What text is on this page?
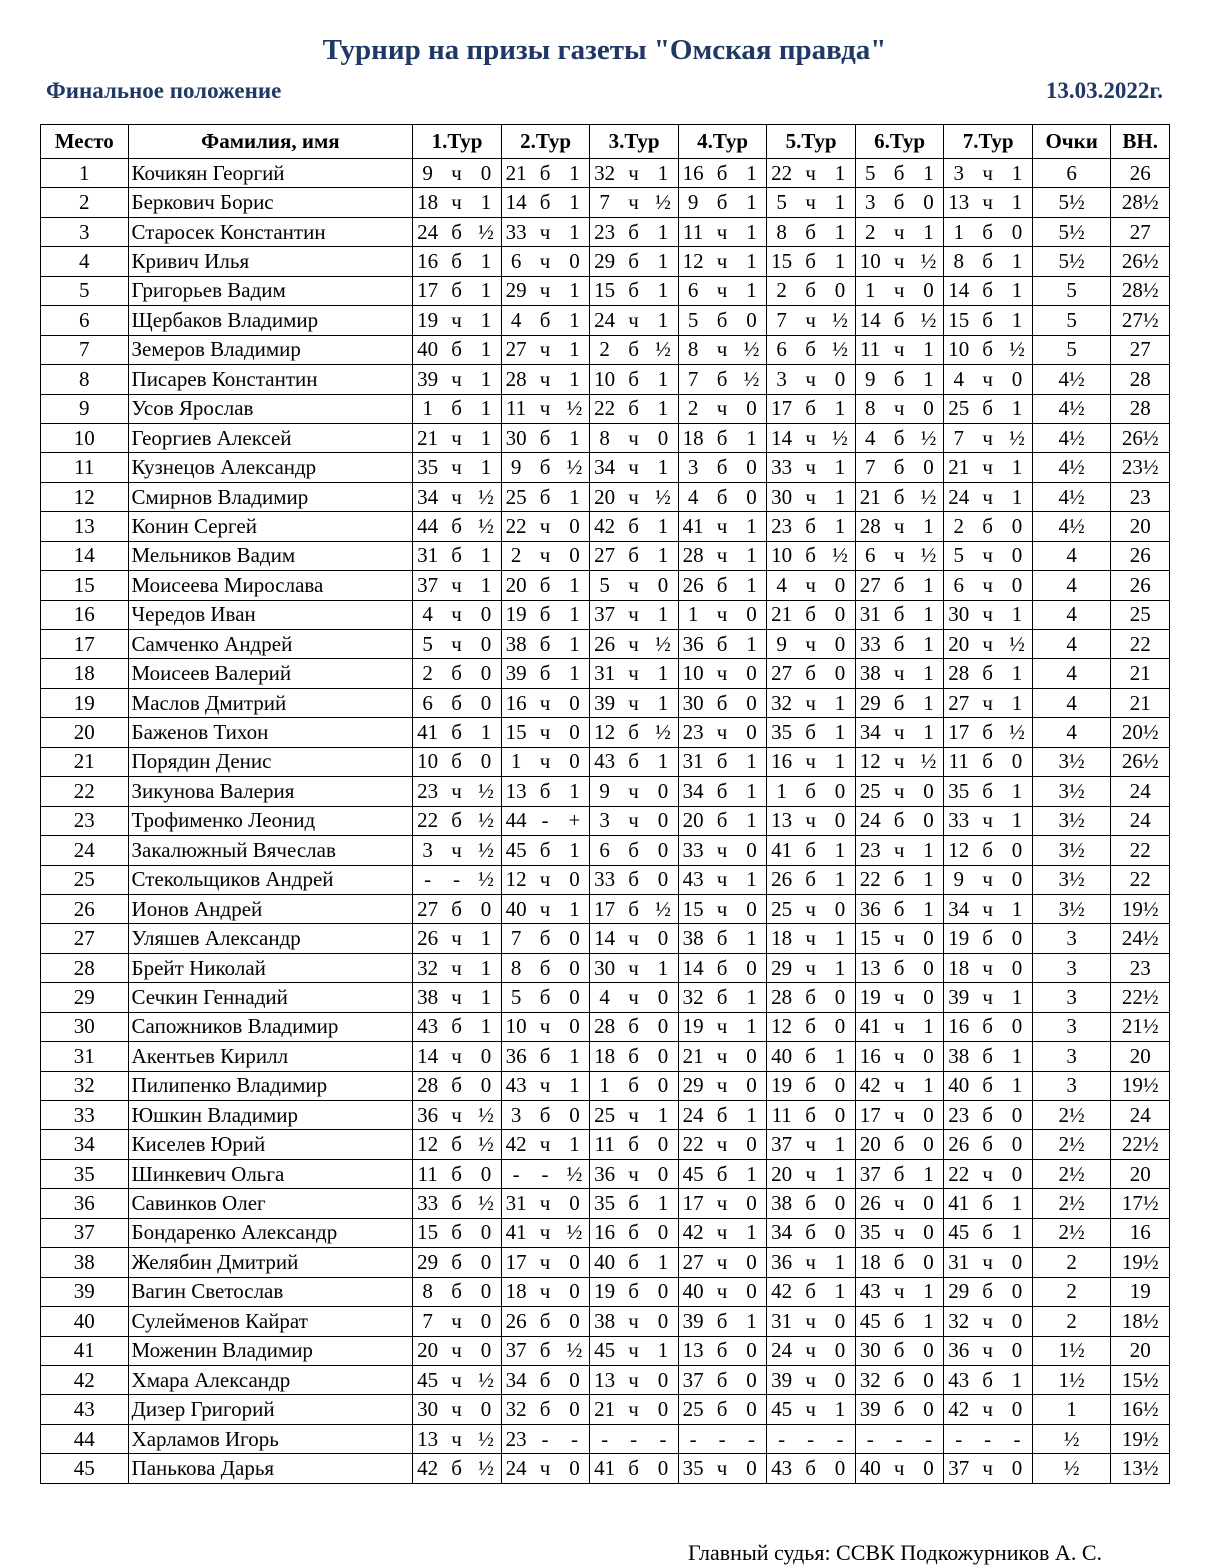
Турнир на призы газеты "Омская правда"
Финальное положение	13.03.2022г.
Место	Фамилия, имя	1.Тур			2.Тур			3.Тур			4.Тур			5.Тур			6.Тур			7.Тур			Очки	ВН.
1	Кочикян Георгий	9	ч	0	21	б	1	32	ч	1	16	б	1	22	ч	1	5	б	1	3	ч	1	6	26
2	Беркович Борис	18	ч	1	14	б	1	7	ч	½	9	б	1	5	ч	1	3	б	0	13	ч	1	5½	28½
3	Старосек Константин	24	б	½	33	ч	1	23	б	1	11	ч	1	8	б	1	2	ч	1	1	б	0	5½	27
4	Кривич Илья	16	б	1	6	ч	0	29	б	1	12	ч	1	15	б	1	10	ч	½	8	б	1	5½	26½
5	Григорьев Вадим	17	б	1	29	ч	1	15	б	1	6	ч	1	2	б	0	1	ч	0	14	б	1	5	28½
6	Щербаков Владимир	19	ч	1	4	б	1	24	ч	1	5	б	0	7	ч	½	14	б	½	15	б	1	5	27½
7	Земеров Владимир	40	б	1	27	ч	1	2	б	½	8	ч	½	6	б	½	11	ч	1	10	б	½	5	27
8	Писарев Константин	39	ч	1	28	ч	1	10	б	1	7	б	½	3	ч	0	9	б	1	4	ч	0	4½	28
9	Усов Ярослав	1	б	1	11	ч	½	22	б	1	2	ч	0	17	б	1	8	ч	0	25	б	1	4½	28
10	Георгиев Алексей	21	ч	1	30	б	1	8	ч	0	18	б	1	14	ч	½	4	б	½	7	ч	½	4½	26½
11	Кузнецов Александр	35	ч	1	9	б	½	34	ч	1	3	б	0	33	ч	1	7	б	0	21	ч	1	4½	23½
12	Смирнов Владимир	34	ч	½	25	б	1	20	ч	½	4	б	0	30	ч	1	21	б	½	24	ч	1	4½	23
13	Конин Сергей	44	б	½	22	ч	0	42	б	1	41	ч	1	23	б	1	28	ч	1	2	б	0	4½	20
14	Мельников Вадим	31	б	1	2	ч	0	27	б	1	28	ч	1	10	б	½	6	ч	½	5	ч	0	4	26
15	Моисеева Мирослава	37	ч	1	20	б	1	5	ч	0	26	б	1	4	ч	0	27	б	1	6	ч	0	4	26
16	Чередов Иван	4	ч	0	19	б	1	37	ч	1	1	ч	0	21	б	0	31	б	1	30	ч	1	4	25
17	Самченко Андрей	5	ч	0	38	б	1	26	ч	½	36	б	1	9	ч	0	33	б	1	20	ч	½	4	22
18	Моисеев Валерий	2	б	0	39	б	1	31	ч	1	10	ч	0	27	б	0	38	ч	1	28	б	1	4	21
19	Маслов Дмитрий	6	б	0	16	ч	0	39	ч	1	30	б	0	32	ч	1	29	б	1	27	ч	1	4	21
20	Баженов Тихон	41	б	1	15	ч	0	12	б	½	23	ч	0	35	б	1	34	ч	1	17	б	½	4	20½
21	Порядин Денис	10	б	0	1	ч	0	43	б	1	31	б	1	16	ч	1	12	ч	½	11	б	0	3½	26½
22	Зикунова Валерия	23	ч	½	13	б	1	9	ч	0	34	б	1	1	б	0	25	ч	0	35	б	1	3½	24
23	Трофименко Леонид	22	б	½	44	-	+	3	ч	0	20	б	1	13	ч	0	24	б	0	33	ч	1	3½	24
24	Закалюжный Вячеслав	3	ч	½	45	б	1	6	б	0	33	ч	0	41	б	1	23	ч	1	12	б	0	3½	22
25	Стекольщиков Андрей	-	-	½	12	ч	0	33	б	0	43	ч	1	26	б	1	22	б	1	9	ч	0	3½	22
26	Ионов Андрей	27	б	0	40	ч	1	17	б	½	15	ч	0	25	ч	0	36	б	1	34	ч	1	3½	19½
27	Уляшев Александр	26	ч	1	7	б	0	14	ч	0	38	б	1	18	ч	1	15	ч	0	19	б	0	3	24½
28	Брейт Николай	32	ч	1	8	б	0	30	ч	1	14	б	0	29	ч	1	13	б	0	18	ч	0	3	23
29	Сечкин Геннадий	38	ч	1	5	б	0	4	ч	0	32	б	1	28	б	0	19	ч	0	39	ч	1	3	22½
30	Сапожников Владимир	43	б	1	10	ч	0	28	б	0	19	ч	1	12	б	0	41	ч	1	16	б	0	3	21½
31	Акентьев Кирилл	14	ч	0	36	б	1	18	б	0	21	ч	0	40	б	1	16	ч	0	38	б	1	3	20
32	Пилипенко Владимир	28	б	0	43	ч	1	1	б	0	29	ч	0	19	б	0	42	ч	1	40	б	1	3	19½
33	Юшкин Владимир	36	ч	½	3	б	0	25	ч	1	24	б	1	11	б	0	17	ч	0	23	б	0	2½	24
34	Киселев Юрий	12	б	½	42	ч	1	11	б	0	22	ч	0	37	ч	1	20	б	0	26	б	0	2½	22½
35	Шинкевич Ольга	11	б	0	-	-	½	36	ч	0	45	б	1	20	ч	1	37	б	1	22	ч	0	2½	20
36	Савинков Олег	33	б	½	31	ч	0	35	б	1	17	ч	0	38	б	0	26	ч	0	41	б	1	2½	17½
37	Бондаренко Александр	15	б	0	41	ч	½	16	б	0	42	ч	1	34	б	0	35	ч	0	45	б	1	2½	16
38	Желябин Дмитрий	29	б	0	17	ч	0	40	б	1	27	ч	0	36	ч	1	18	б	0	31	ч	0	2	19½
39	Вагин Светослав	8	б	0	18	ч	0	19	б	0	40	ч	0	42	б	1	43	ч	1	29	б	0	2	19
40	Сулейменов Кайрат	7	ч	0	26	б	0	38	ч	0	39	б	1	31	ч	0	45	б	1	32	ч	0	2	18½
41	Моженин Владимир	20	ч	0	37	б	½	45	ч	1	13	б	0	24	ч	0	30	б	0	36	ч	0	1½	20
42	Хмара Александр	45	ч	½	34	б	0	13	ч	0	37	б	0	39	ч	0	32	б	0	43	б	1	1½	15½
43	Дизер Григорий	30	ч	0	32	б	0	21	ч	0	25	б	0	45	ч	1	39	б	0	42	ч	0	1	16½
44	Харламов Игорь	13	ч	½	23	-	-	-	-	-	-	-	-	-	-	-	-	-	-	-	-	-	½	19½
45	Панькова Дарья	42	б	½	24	ч	0	41	б	0	35	ч	0	43	б	0	40	ч	0	37	ч	0	½	13½
Главный судья: ССВК Подкожурников А. С.
